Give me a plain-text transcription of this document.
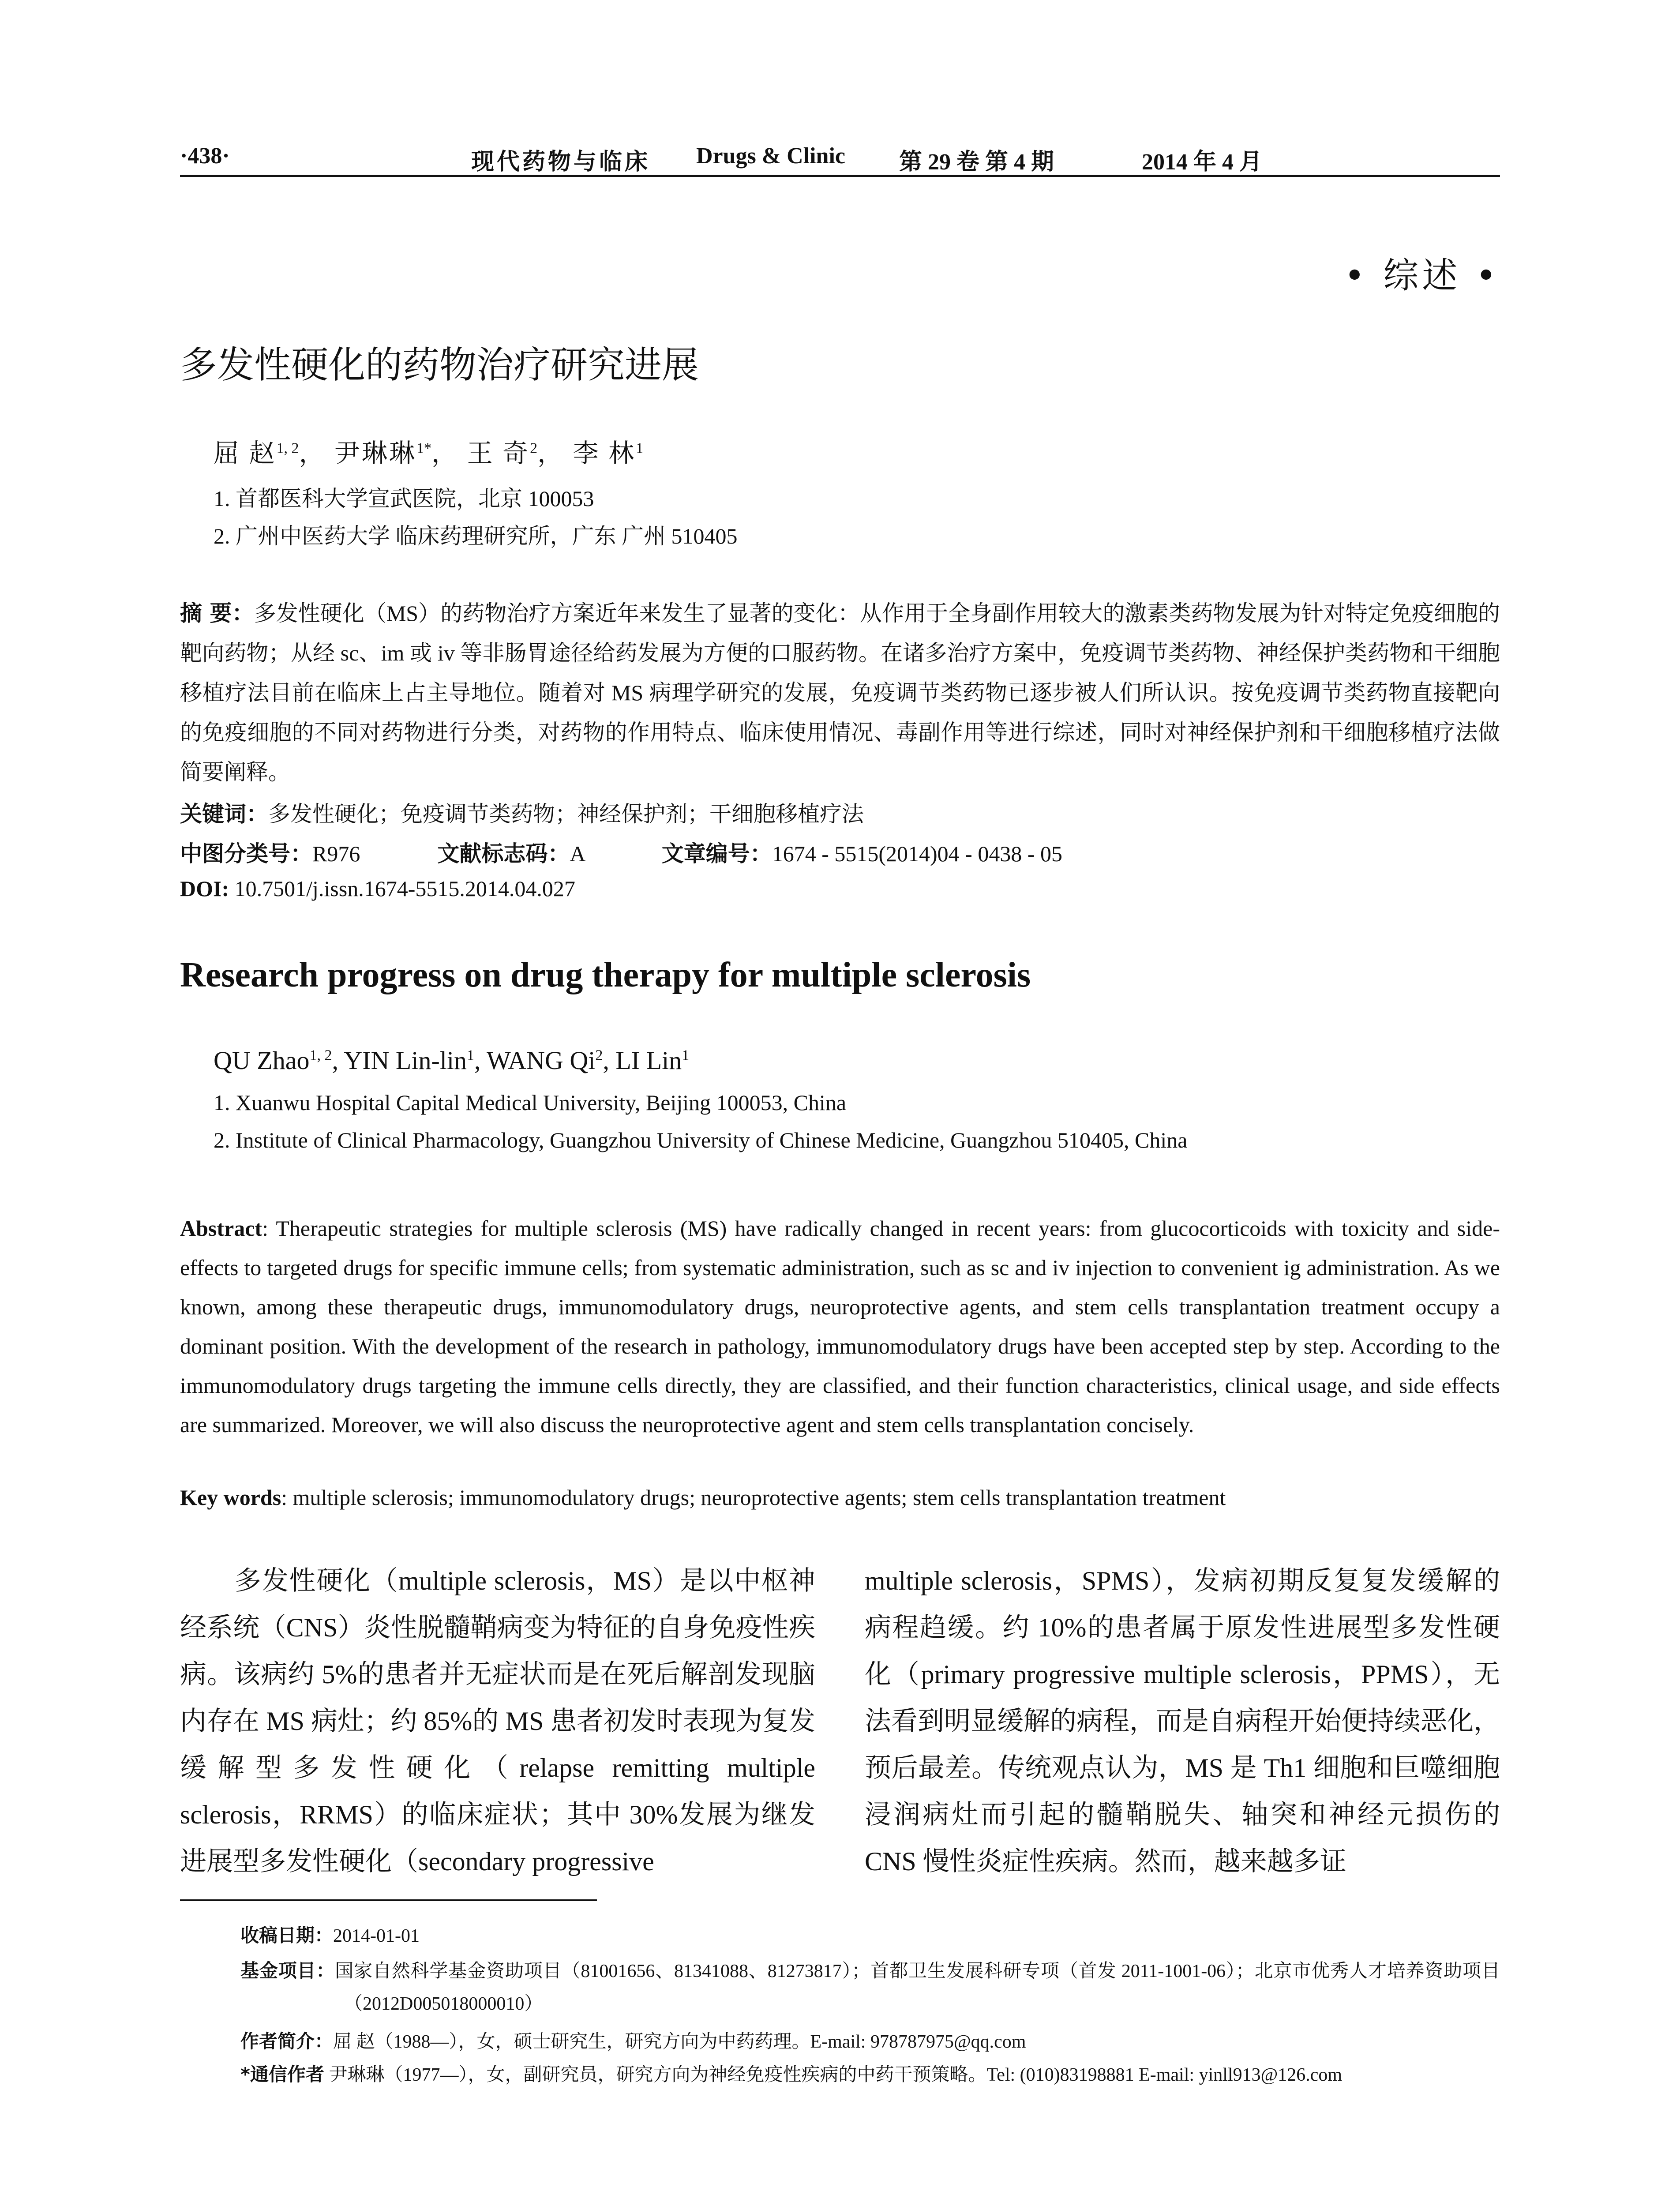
·438·	现代药物与临床 Drugs & Clinic 第 29 卷 第 4 期	2014 年 4 月
• 综述 •
多发性硬化的药物治疗研究进展
屈 赵$^{1, 2}$， 尹琳琳$^{1*}$， 王 奇$^2$， 李 林$^1$
1. 首都医科大学宣武医院，北京 100053
2. 广州中医药大学 临床药理研究所，广东 广州 510405
摘 要：多发性硬化（MS）的药物治疗方案近年来发生了显著的变化：从作用于全身副作用较大的激素类药物发展为针对特定免疫细胞的靶向药物；从经 sc、im 或 iv 等非肠胃途径给药发展为方便的口服药物。在诸多治疗方案中，免疫调节类药物、神经保护类药物和干细胞移植疗法目前在临床上占主导地位。随着对 MS 病理学研究的发展，免疫调节类药物已逐步被人们所认识。按免疫调节类药物直接靶向的免疫细胞的不同对药物进行分类，对药物的作用特点、临床使用情况、毒副作用等进行综述，同时对神经保护剂和干细胞移植疗法做简要阐释。
关键词：多发性硬化；免疫调节类药物；神经保护剂；干细胞移植疗法
中图分类号：R976	文献标志码：A	文章编号：1674 - 5515(2014)04 - 0438 - 05
DOI: 10.7501/j.issn.1674-5515.2014.04.027
Research progress on drug therapy for multiple sclerosis
QU Zhao$^{1, 2}$, YIN Lin-lin$^1$, WANG Qi$^2$, LI Lin$^1$
1. Xuanwu Hospital Capital Medical University, Beijing 100053, China
2. Institute of Clinical Pharmacology, Guangzhou University of Chinese Medicine, Guangzhou 510405, China
Abstract: Therapeutic strategies for multiple sclerosis (MS) have radically changed in recent years: from glucocorticoids with toxicity and side-effects to targeted drugs for specific immune cells; from systematic administration, such as sc and iv injection to convenient ig administration. As we known, among these therapeutic drugs, immunomodulatory drugs, neuroprotective agents, and stem cells transplantation treatment occupy a dominant position. With the development of the research in pathology, immunomodulatory drugs have been accepted step by step. According to the immunomodulatory drugs targeting the immune cells directly, they are classified, and their function characteristics, clinical usage, and side effects are summarized. Moreover, we will also discuss the neuroprotective agent and stem cells transplantation concisely.
Key words: multiple sclerosis; immunomodulatory drugs; neuroprotective agents; stem cells transplantation treatment
多发性硬化（multiple sclerosis，MS）是以中枢神经系统（CNS）炎性脱髓鞘病变为特征的自身免疫性疾病。该病约 5%的患者并无症状而是在死后解剖发现脑内存在 MS 病灶；约 85%的 MS 患者初发时表现为复发缓解型多发性硬化（relapse remitting multiple sclerosis，RRMS）的临床症状；其中 30%发展为继发进展型多发性硬化（secondary progressive
multiple sclerosis，SPMS），发病初期反复复发缓解的病程趋缓。约 10%的患者属于原发性进展型多发性硬化（primary progressive multiple sclerosis，PPMS），无法看到明显缓解的病程，而是自病程开始便持续恶化，预后最差。传统观点认为，MS 是 Th1 细胞和巨噬细胞浸润病灶而引起的髓鞘脱失、轴突和神经元损伤的 CNS 慢性炎症性疾病。然而，越来越多证
收稿日期：2014-01-01
基金项目：国家自然科学基金资助项目（81001656、81341088、81273817）；首都卫生发展科研专项（首发 2011-1001-06）；北京市优秀人才培养资助项目（2012D005018000010）
作者简介：屈 赵（1988—），女，硕士研究生，研究方向为中药药理。E-mail: 978787975@qq.com
*通信作者 尹琳琳（1977—），女，副研究员，研究方向为神经免疫性疾病的中药干预策略。Tel: (010)83198881 E-mail: yinll913@126.com
